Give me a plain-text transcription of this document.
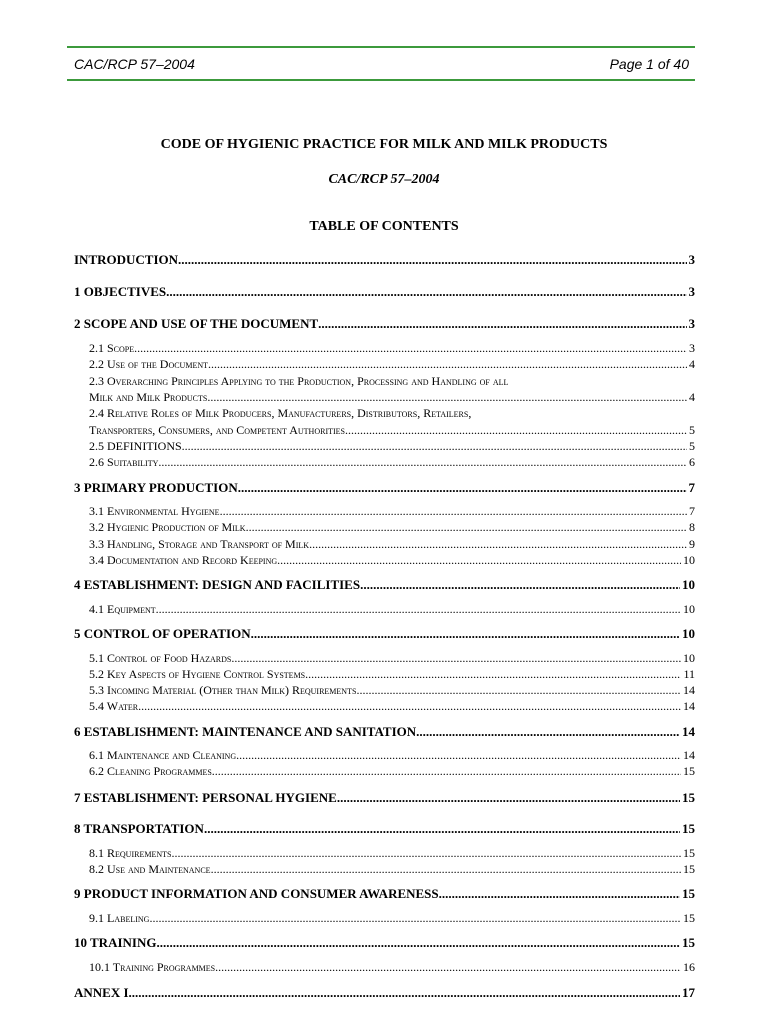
CAC/RCP 57–2004	Page 1 of 40
CODE OF HYGIENIC PRACTICE FOR MILK AND MILK PRODUCTS
CAC/RCP 57–2004
TABLE OF CONTENTS
INTRODUCTION .....	3
1 OBJECTIVES .....	3
2 SCOPE AND USE OF THE DOCUMENT .....	3
2.1 Scope .....	3
2.2 Use of the Document .....	4
2.3 Overarching Principles Applying to the Production, Processing and Handling of all
Milk and Milk Products .....	4
2.4 Relative Roles of Milk Producers, Manufacturers, Distributors, Retailers,
Transporters, Consumers, and Competent Authorities .....	5
2.5 DEFINITIONS .....	5
2.6 Suitability .....	6
3 PRIMARY PRODUCTION .....	7
3.1 Environmental Hygiene .....	7
3.2 Hygienic Production of Milk .....	8
3.3 Handling, Storage and Transport of Milk .....	9
3.4 Documentation and Record Keeping .....	10
4 ESTABLISHMENT: DESIGN AND FACILITIES .....	10
4.1 Equipment .....	10
5 CONTROL OF OPERATION .....	10
5.1 Control of Food Hazards .....	10
5.2 Key Aspects of Hygiene Control Systems .....	11
5.3 Incoming Material (Other than Milk) Requirements .....	14
5.4 Water .....	14
6 ESTABLISHMENT: MAINTENANCE AND SANITATION .....	14
6.1 Maintenance and Cleaning .....	14
6.2 Cleaning Programmes .....	15
7 ESTABLISHMENT: PERSONAL HYGIENE .....	15
8 TRANSPORTATION .....	15
8.1 Requirements .....	15
8.2 Use and Maintenance .....	15
9 PRODUCT INFORMATION AND CONSUMER AWARENESS .....	15
9.1 Labeling .....	15
10 TRAINING .....	15
10.1 Training Programmes .....	16
ANNEX I .....	17
